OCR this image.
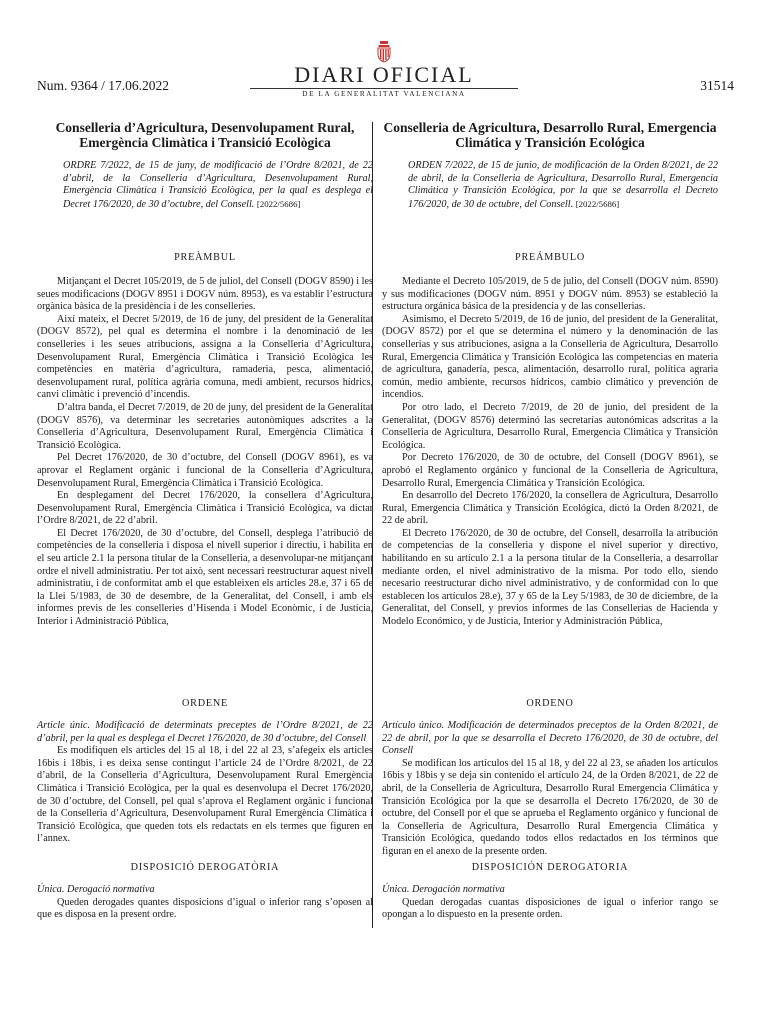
Num. 9364 / 17.06.2022	DIARI OFICIAL
DE LA GENERALITAT VALENCIANA
31514
Conselleria d’Agricultura, Desenvolupament Rural, Emergència Climàtica i Transició Ecològica

ORDRE 7/2022, de 15 de juny, de modificació de l’Ordre 8/2021, de 22 d’abril, de la Conselleria d’Agricultura, Desenvolupament Rural, Emergència Climàtica i Transició Ecològica, per la qual es desplega el Decret 176/2020, de 30 d’octubre, del Consell. [2022/5686]

PREÀMBUL

Mitjançant el Decret 105/2019, de 5 de juliol, del Consell (DOGV 8590) i les seues modificacions (DOGV 8951 i DOGV núm. 8953), es va establir l’estructura orgànica bàsica de la presidència i de les conselleries.

Així mateix, el Decret 5/2019, de 16 de juny, del president de la Generalitat (DOGV 8572), pel qual es determina el nombre i la denominació de les conselleries i les seues atribucions, assigna a la Conselleria d’Agricultura, Desenvolupament Rural, Emergència Climàtica i Transició Ecològica les competències en matèria d’agricultura, ramaderia, pesca, alimentació, desenvolupament rural, política agrària comuna, medi ambient, recursos hídrics, canvi climàtic i prevenció d’incendis.

D’altra banda, el Decret 7/2019, de 20 de juny, del president de la Generalitat (DOGV 8576), va determinar les secretaries autonòmiques adscrites a la Conselleria d’Agricultura, Desenvolupament Rural, Emergència Climàtica i Transició Ecològica.

Pel Decret 176/2020, de 30 d’octubre, del Consell (DOGV 8961), es va aprovar el Reglament orgànic i funcional de la Conselleria d’Agricultura, Desenvolupament Rural, Emergència Climàtica i Transició Ecològica.

En desplegament del Decret 176/2020, la consellera d’Agricultura, Desenvolupament Rural, Emergència Climàtica i Transició Ecològica, va dictar l’Ordre 8/2021, de 22 d’abril.

El Decret 176/2020, de 30 d’octubre, del Consell, desplega l’atribució de competències de la conselleria i disposa el nivell superior i directiu, i habilita en el seu article 2.1 la persona titular de la Conselleria, a desenvolupar-ne mitjançant ordre el nivell administratiu. Per tot això, sent necessari reestructurar aquest nivell administratiu, i de conformitat amb el que estableixen els articles 28.e, 37 i 65 de la Llei 5/1983, de 30 de desembre, de la Generalitat, del Consell, i amb els informes previs de les conselleries d’Hisenda i Model Econòmic, i de Justícia, Interior i Administració Pública,

ORDENE

Article únic. Modificació de determinats preceptes de l’Ordre 8/2021, de 22 d’abril, per la qual es desplega el Decret 176/2020, de 30 d’octubre, del Consell

Es modifiquen els articles del 15 al 18, i del 22 al 23, s’afegeix els articles 16bis i 18bis, i es deixa sense contingut l’article 24 de l’Ordre 8/2021, de 22 d’abril, de la Conselleria d’Agricultura, Desenvolupament Rural Emergència Climàtica i Transició Ecològica, per la qual es desenvolupa el Decret 176/2020, de 30 d’octubre, del Consell, pel qual s’aprova el Reglament orgànic i funcional de la Conselleria d’Agricultura, Desenvolupament Rural Emergència Climàtica i Transició Ecològica, que queden tots els redactats en els termes que figuren en l’annex.

DISPOSICIÓ DEROGATÒRIA

Única. Derogació normativa

Queden derogades quantes disposicions d’igual o inferior rang s’oposen al que es disposa en la present ordre.

Conselleria de Agricultura, Desarrollo Rural, Emergencia Climática y Transición Ecológica

ORDEN 7/2022, de 15 de junio, de modificación de la Orden 8/2021, de 22 de abril, de la Conselleria de Agricultura, Desarrollo Rural, Emergencia Climática y Transición Ecológica, por la que se desarrolla el Decreto 176/2020, de 30 de octubre, del Consell. [2022/5686]

PREÁMBULO

Mediante el Decreto 105/2019, de 5 de julio, del Consell (DOGV núm. 8590) y sus modificaciones (DOGV núm. 8951 y DOGV núm. 8953) se estableció la estructura orgánica básica de la presidencia y de las consellerias.

Asimismo, el Decreto 5/2019, de 16 de junio, del president de la Generalitat, (DOGV 8572) por el que se determina el número y la denominación de las consellerias y sus atribuciones, asigna a la Conselleria de Agricultura, Desarrollo Rural, Emergencia Climática y Transición Ecológica las competencias en materia de agricultura, ganadería, pesca, alimentación, desarrollo rural, política agraria común, medio ambiente, recursos hídricos, cambio climático y prevención de incendios.

Por otro lado, el Decreto 7/2019, de 20 de junio, del president de la Generalitat, (DOGV 8576) determinó las secretarías autonómicas adscritas a la Conselleria de Agricultura, Desarrollo Rural, Emergencia Climática y Transición Ecológica.

Por Decreto 176/2020, de 30 de octubre, del Consell (DOGV 8961), se aprobó el Reglamento orgánico y funcional de la Conselleria de Agricultura, Desarrollo Rural, Emergencia Climática y Transición Ecológica.

En desarrollo del Decreto 176/2020, la consellera de Agricultura, Desarrollo Rural, Emergencia Climática y Transición Ecológica, dictó la Orden 8/2021, de 22 de abril.

El Decreto 176/2020, de 30 de octubre, del Consell, desarrolla la atribución de competencias de la conselleria y dispone el nivel superior y directivo, habilitando en su artículo 2.1 a la persona titular de la Conselleria, a desarrollar mediante orden, el nivel administrativo de la misma. Por todo ello, siendo necesario reestructurar dicho nivel administrativo, y de conformidad con lo que establecen los artículos 28.e), 37 y 65 de la Ley 5/1983, de 30 de diciembre, de la Generalitat, del Consell, y previos informes de las Consellerias de Hacienda y Modelo Económico, y de Justicia, Interior y Administración Pública,

ORDENO

Artículo único. Modificación de determinados preceptos de la Orden 8/2021, de 22 de abril, por la que se desarrolla el Decreto 176/2020, de 30 de octubre, del Consell

Se modifican los artículos del 15 al 18, y del 22 al 23, se añaden los artículos 16bis y 18bis y se deja sin contenido el artículo 24, de la Orden 8/2021, de 22 de abril, de la Conselleria de Agricultura, Desarrollo Rural Emergencia Climática y Transición Ecológica por la que se desarrolla el Decreto 176/2020, de 30 de octubre, del Consell por el que se aprueba el Reglamento orgánico y funcional de la Conselleria de Agricultura, Desarrollo Rural Emergencia Climática y Transición Ecológica, quedando todos ellos redactados en los términos que figuran en el anexo de la presente orden.

DISPOSICIÓN DEROGATORIA

Única. Derogación normativa

Quedan derogadas cuantas disposiciones de igual o inferior rango se opongan a lo dispuesto en la presente orden.
